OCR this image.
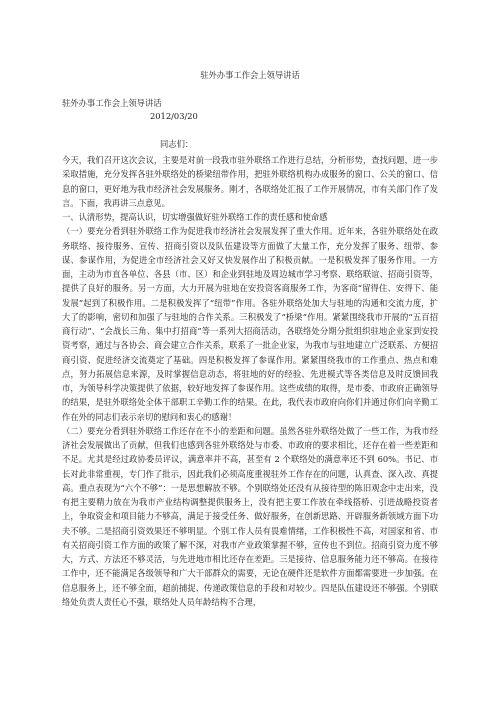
驻外办事工作会上领导讲话
驻外办事工作会上领导讲话
2012/03/20
同志们：

今天，我们召开这次会议，主要是对前一段我市驻外联络工作进行总结，分析形势，查找问题，进一步采取措施，充分发挥各驻外联络处的桥梁纽带作用，把驻外联络机构办成服务的窗口、公关的窗口、信息的窗口，更好地为我市经济社会发展服务。刚才，各联络处汇报了工作开展情况，市有关部门作了发言。下面，我再讲三点意见。

一、认清形势，提高认识，切实增强做好驻外联络工作的责任感和使命感

（一）要充分看到驻外联络工作为促进我市经济社会发展发挥了重大作用。近年来，各驻外联络处在政务联络、接待服务、宣传、招商引资以及队伍建设等方面做了大量工作，充分发挥了服务、纽带、参谋、参谋作用，为促进全市经济社会又好又快发展作出了积极贡献。一是积极发挥了服务作用。一方面，主动为市直各单位、各县（市、区）和企业到驻地及周边城市学习考察、联络联谊、招商引资等，提供了良好的服务。另一方面，大力开展为驻地在安投资客商服务工作，为客商“留得住、安得下、能发展”起到了积极作用。二是积极发挥了“纽带”作用。各驻外联络处加大与驻地的沟通和交流力度，扩大了的影响，密切和加强了与驻地的合作关系。三积极发了“桥梁”作用。紧紧围绕我市开展的“五百招商行动”、“会战长三角、集中打招商”等一系列大招商活动，各联络处分期分批组织驻地企业家到安投资考察，通过与各协会、商会建立合作关系，联系了一批企业家，为我市与驻地建立广泛联系、方便招商引资、促进经济交流奠定了基础。四是积极发挥了参谋作用。紧紧围绕我市的工作重点、热点和难点，努力拓展信息来源，及时掌握信息动态，将驻地的好的经验、先进模式等各类信息及时反馈回我市，为领导科学决策提供了依据，较好地发挥了参谋作用。这些成绩的取得，是市委、市政府正确领导的结果，是驻外联络处全体干部职工辛勤工作的结果。在此，我代表市政府向你们并通过你们向辛勤工作在外的同志们表示亲切的慰问和衷心的感谢！

（二）要充分看到驻外联络工作还存在不小的差距和问题。虽然各驻外联络处做了一些工作，为我市经济社会发展做出了贡献，但我们也感到各驻外联络处与市委、市政府的要求相比，还存在着一些差距和不足。尤其是经过政协委员评议，满意率并不高，甚至有 2 个联络处的满意率还不到 60%。书记、市长对此非常重视，专门作了批示，因此我们必须高度重视驻外工作存在的问题，认真查、深入改、真提高。重点表现为“六个不够”：一是思想解放不够。个别联络处还没有从接待型的陈旧观念中走出来，没有把主要精力放在为我市产业结构调整提供服务上，没有把主要工作放在牵线搭桥、引进战略投资者上，争取资金和项目能力不够高，满足于接受任务、做好服务，在创新思路、开辟服务新领域方面下功夫不够。二是招商引资效果还不够明显。个别工作人员有畏难情绪，工作积极性不高，对国家和省、市有关招商引资工作方面的政策了解不深，对我市产业政策掌握不够，宣传也不到位。招商引资力度不够大，方式、方法还不够灵活，与先进地市相比还存在差距。三是接待、信息服务能力还不够高。在接待工作中，还不能满足各级领导和广大干部群众的需要，无论在硬件还是软件方面都需要进一步加强。在信息服务上，还不够全面，超前捕捉、传递政策信息的手段和对较少。四是队伍建设还不够强。个别联络处负责人责任心不强，联络处人员年龄结构不合理，
